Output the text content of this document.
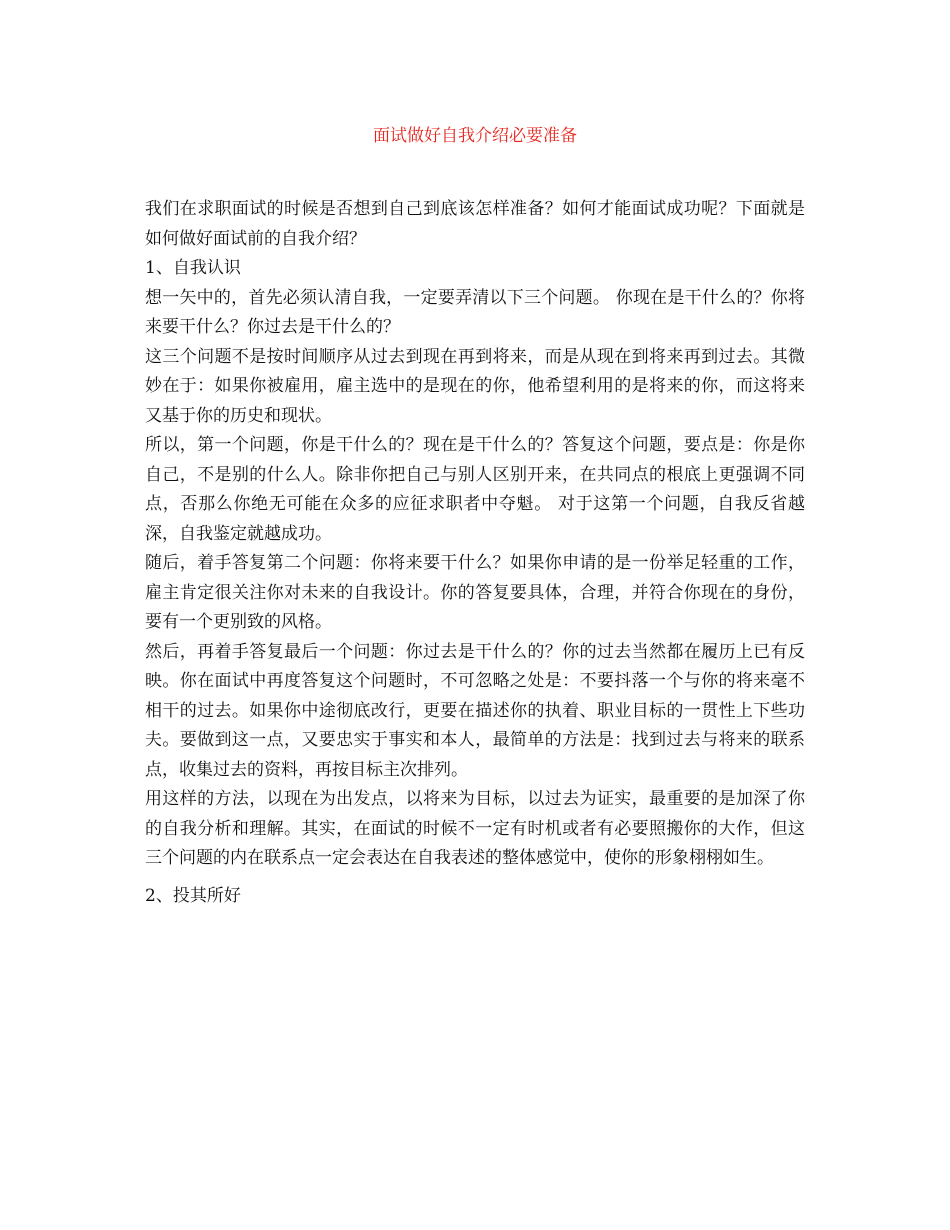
面试做好自我介绍必要准备

我们在求职面试的时候是否想到自己到底该怎样准备？如何才能面试成功呢？下面就是如何做好面试前的自我介绍？

1、自我认识

想一矢中的，首先必须认清自我，一定要弄清以下三个问题。 你现在是干什么的？你将来要干什么？你过去是干什么的？

这三个问题不是按时间顺序从过去到现在再到将来，而是从现在到将来再到过去。其微妙在于：如果你被雇用，雇主选中的是现在的你，他希望利用的是将来的你，而这将来又基于你的历史和现状。

所以，第一个问题，你是干什么的？现在是干什么的？答复这个问题，要点是：你是你自己，不是别的什么人。除非你把自己与别人区别开来，在共同点的根底上更强调不同点，否那么你绝无可能在众多的应征求职者中夺魁。 对于这第一个问题，自我反省越深，自我鉴定就越成功。

随后，着手答复第二个问题：你将来要干什么？如果你申请的是一份举足轻重的工作，雇主肯定很关注你对未来的自我设计。你的答复要具体，合理，并符合你现在的身份，要有一个更别致的风格。

然后，再着手答复最后一个问题：你过去是干什么的？你的过去当然都在履历上已有反映。你在面试中再度答复这个问题时，不可忽略之处是：不要抖落一个与你的将来毫不相干的过去。如果你中途彻底改行，更要在描述你的执着、职业目标的一贯性上下些功夫。要做到这一点，又要忠实于事实和本人，最简单的方法是：找到过去与将来的联系点，收集过去的资料，再按目标主次排列。

用这样的方法，以现在为出发点，以将来为目标，以过去为证实，最重要的是加深了你的自我分析和理解。其实，在面试的时候不一定有时机或者有必要照搬你的大作，但这三个问题的内在联系点一定会表达在自我表述的整体感觉中，使你的形象栩栩如生。

2、投其所好
